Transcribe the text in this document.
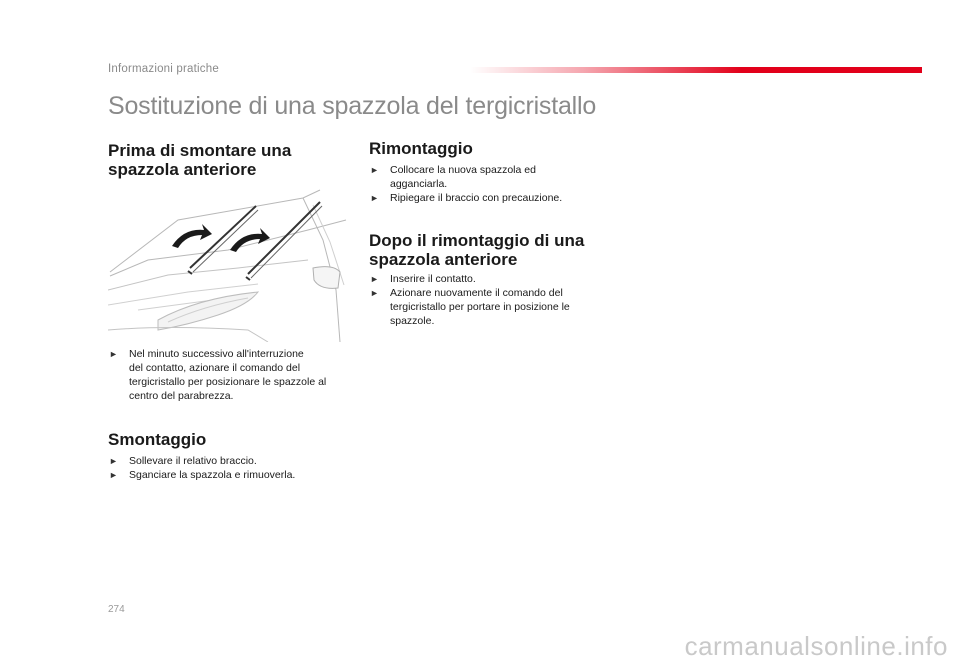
Informazioni pratiche
Sostituzione di una spazzola del tergicristallo
Prima di smontare una
spazzola anteriore
► Nel minuto successivo all'interruzione
del contatto, azionare il comando del
tergicristallo per posizionare le spazzole al
centro del parabrezza.
Smontaggio
► Sollevare il relativo braccio.
► Sganciare la spazzola e rimuoverla.
Rimontaggio
► Collocare la nuova spazzola ed
agganciarla.
► Ripiegare il braccio con precauzione.
Dopo il rimontaggio di una
spazzola anteriore
► Inserire il contatto.
► Azionare nuovamente il comando del
tergicristallo per portare in posizione le
spazzole.
274
carmanualsonline.info
